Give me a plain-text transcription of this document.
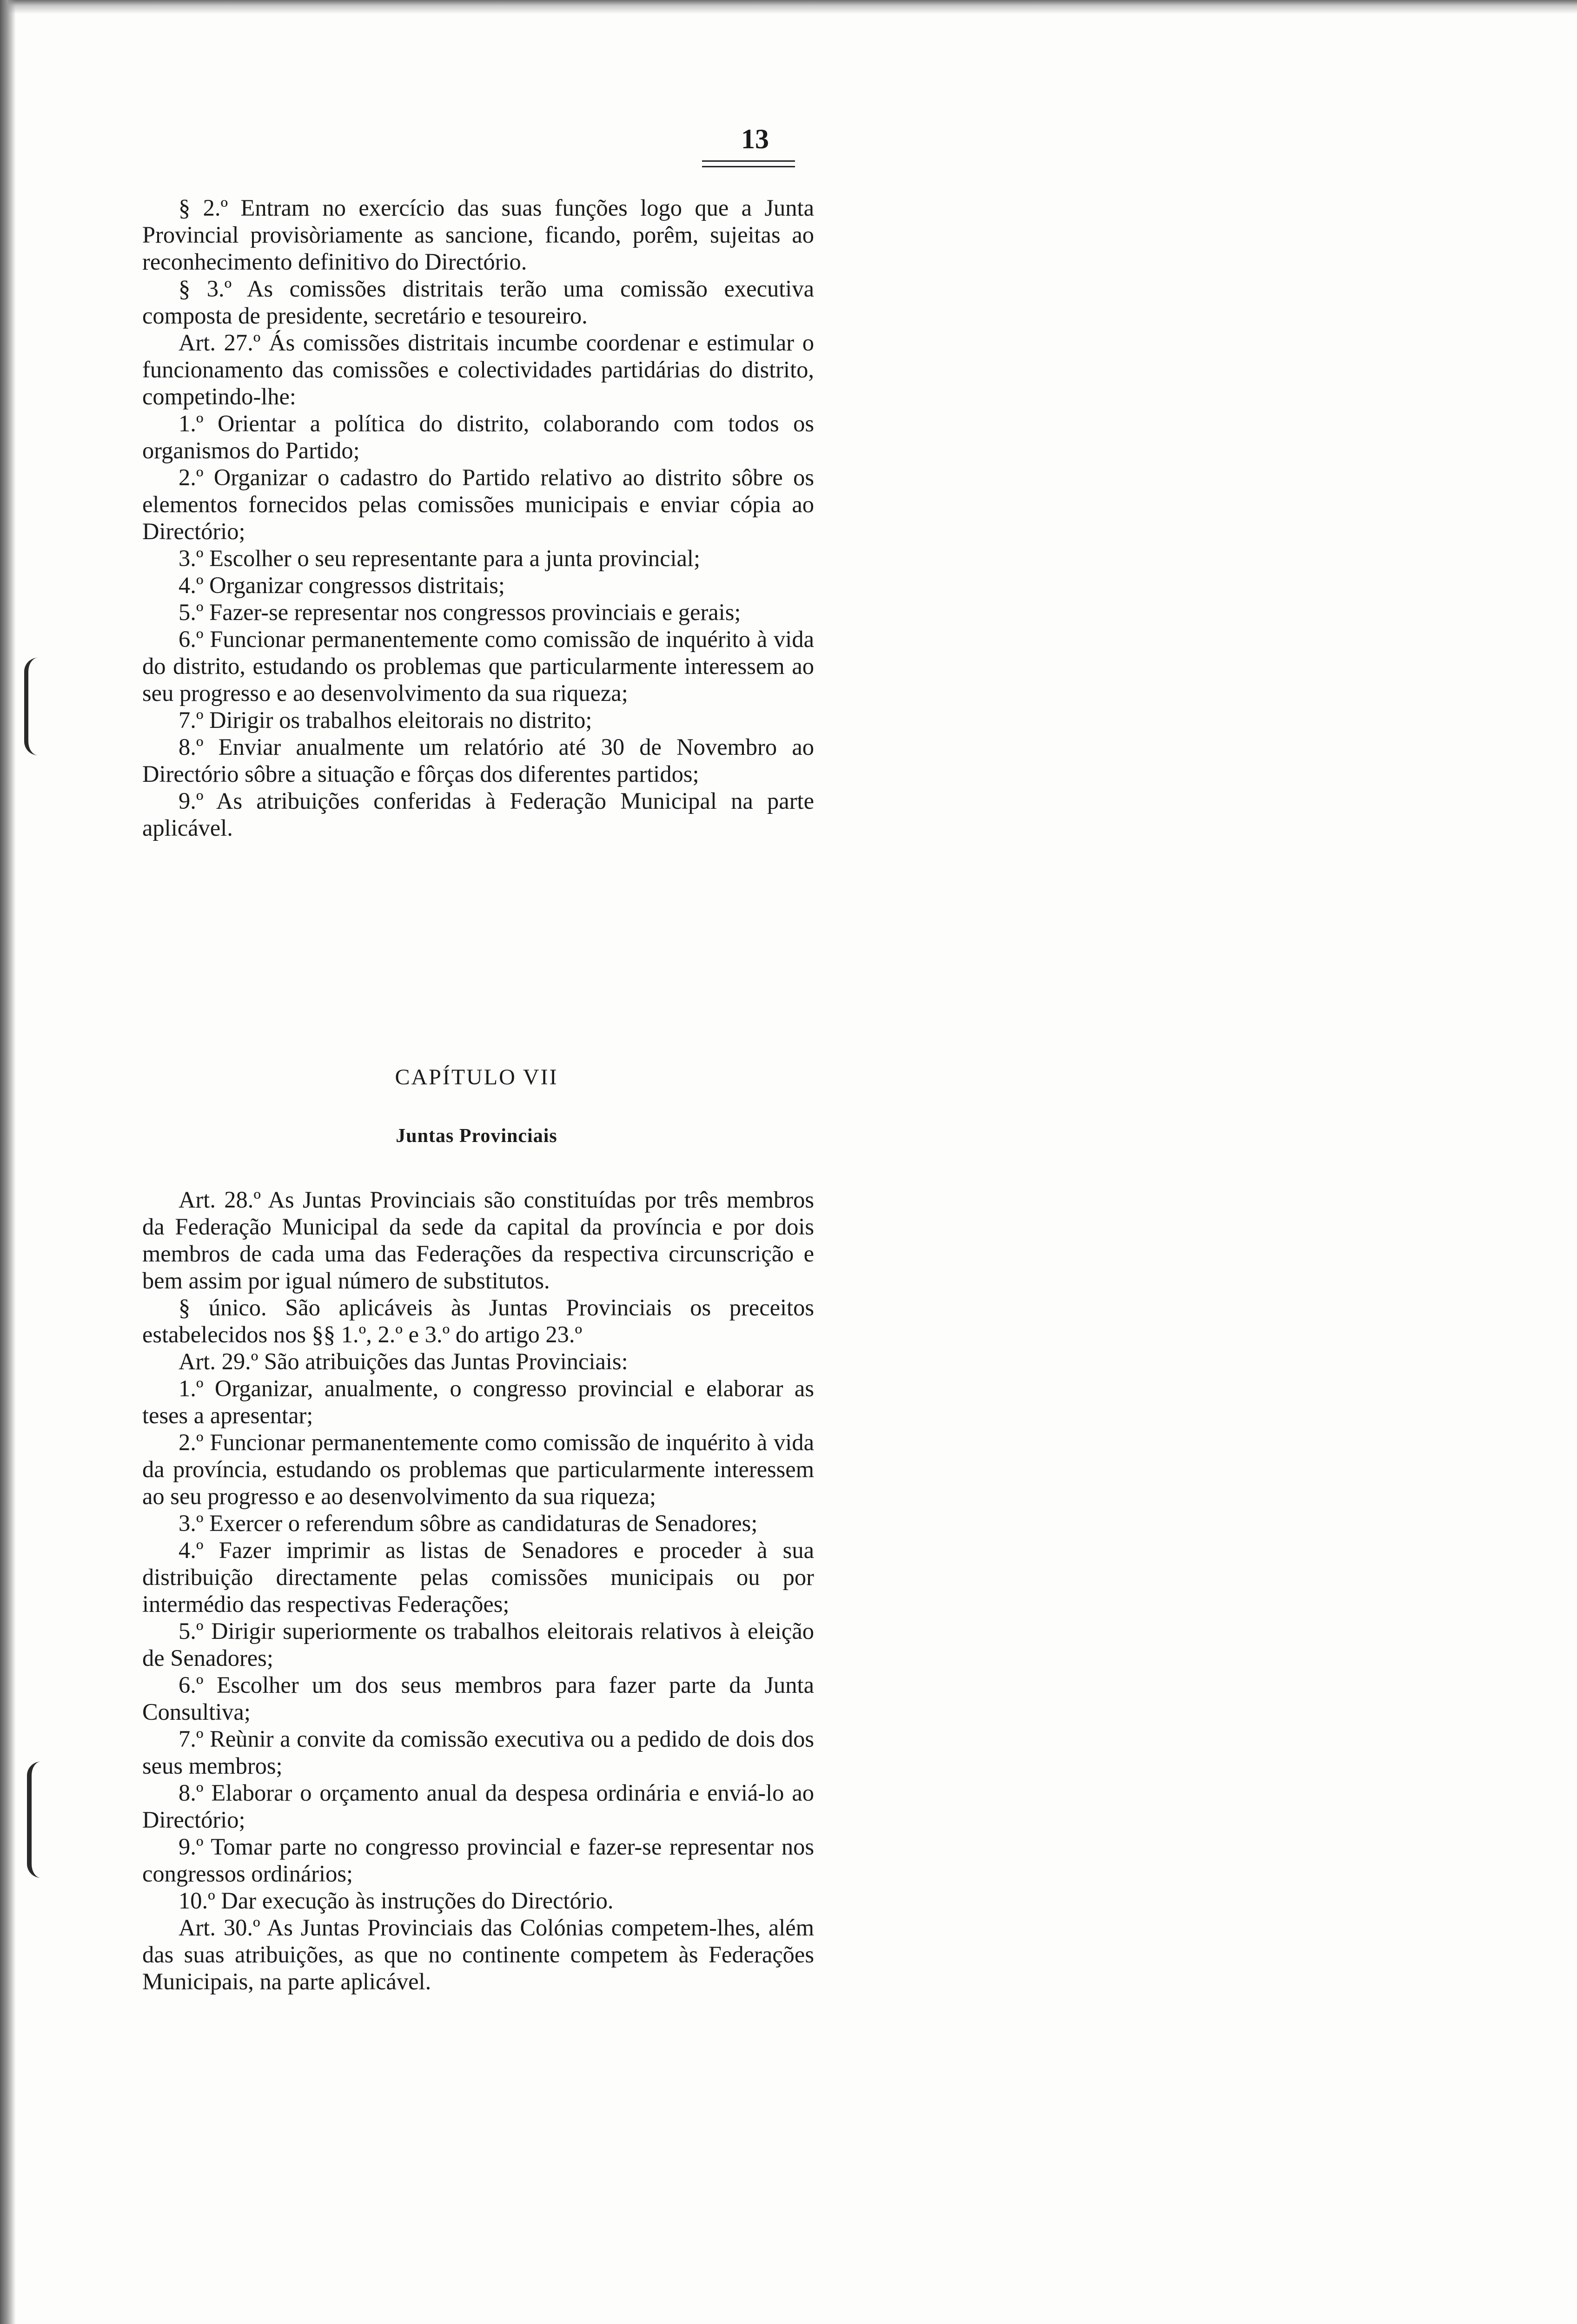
13

§ 2.º Entram no exercício das suas funções logo que a Junta Provincial provisòriamente as sancione, ficando, porêm, sujeitas ao reconhecimento definitivo do Directório.

§ 3.º As comissões distritais terão uma comissão executiva composta de presidente, secretário e tesoureiro.

Art. 27.º Ás comissões distritais incumbe coordenar e estimular o funcionamento das comissões e colectividades partidárias do distrito, competindo-lhe:

1.º Orientar a política do distrito, colaborando com todos os organismos do Partido;

2.º Organizar o cadastro do Partido relativo ao distrito sôbre os elementos fornecidos pelas comissões municipais e enviar cópia ao Directório;

3.º Escolher o seu representante para a junta provincial;

4.º Organizar congressos distritais;

5.º Fazer-se representar nos congressos provinciais e gerais;

6.º Funcionar permanentemente como comissão de inquérito à vida do distrito, estudando os problemas que particularmente interessem ao seu progresso e ao desenvolvimento da sua riqueza;

7.º Dirigir os trabalhos eleitorais no distrito;

8.º Enviar anualmente um relatório até 30 de Novembro ao Directório sôbre a situação e fôrças dos diferentes partidos;

9.º As atribuições conferidas à Federação Municipal na parte aplicável.

CAPÍTULO VII
Juntas Provinciais

Art. 28.º As Juntas Provinciais são constituídas por três membros da Federação Municipal da sede da capital da província e por dois membros de cada uma das Federações da respectiva circunscrição e bem assim por igual número de substitutos.

§ único. São aplicáveis às Juntas Provinciais os preceitos estabelecidos nos §§ 1.º, 2.º e 3.º do artigo 23.º

Art. 29.º São atribuições das Juntas Provinciais:

1.º Organizar, anualmente, o congresso provincial e elaborar as teses a apresentar;

2.º Funcionar permanentemente como comissão de inquérito à vida da província, estudando os problemas que particularmente interessem ao seu progresso e ao desenvolvimento da sua riqueza;

3.º Exercer o referendum sôbre as candidaturas de Senadores;

4.º Fazer imprimir as listas de Senadores e proceder à sua distribuição directamente pelas comissões municipais ou por intermédio das respectivas Federações;

5.º Dirigir superiormente os trabalhos eleitorais relativos à eleição de Senadores;

6.º Escolher um dos seus membros para fazer parte da Junta Consultiva;

7.º Reùnir a convite da comissão executiva ou a pedido de dois dos seus membros;

8.º Elaborar o orçamento anual da despesa ordinária e enviá-lo ao Directório;

9.º Tomar parte no congresso provincial e fazer-se representar nos congressos ordinários;

10.º Dar execução às instruções do Directório.

Art. 30.º As Juntas Provinciais das Colónias competem-lhes, além das suas atribuições, as que no continente competem às Federações Municipais, na parte aplicável.
